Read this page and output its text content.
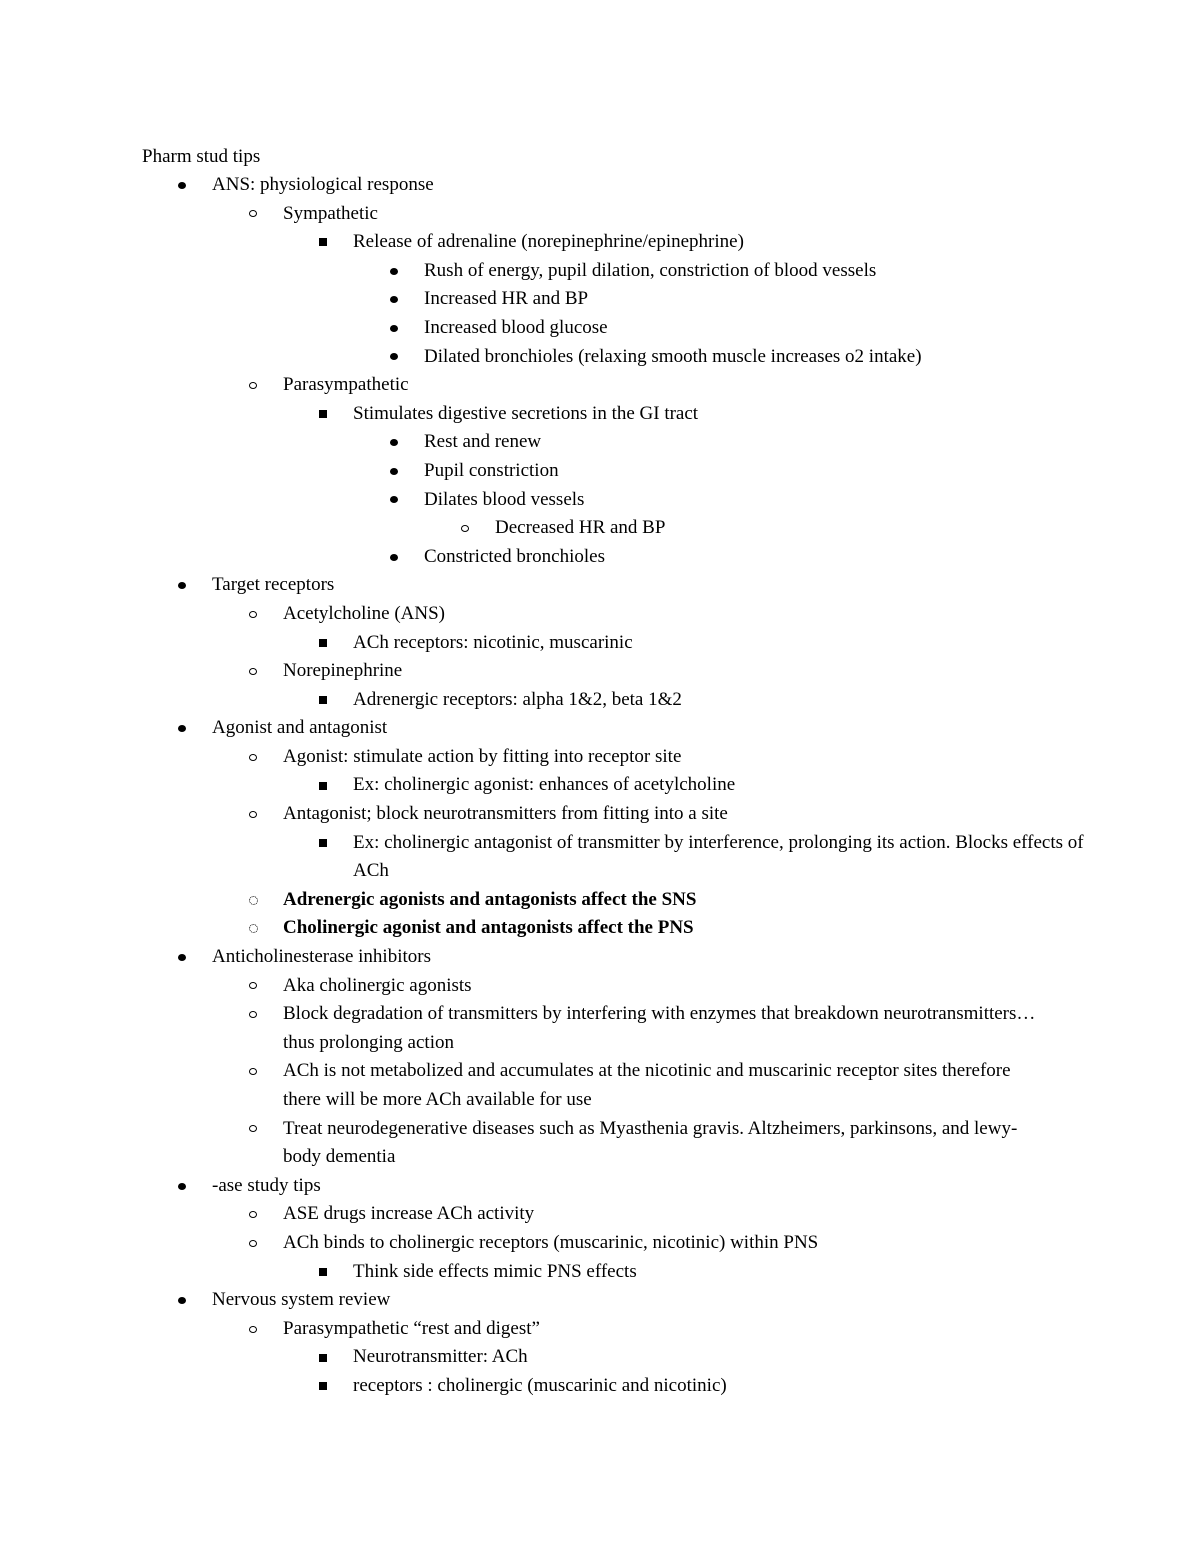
Pharm stud tips
ANS: physiological response
Sympathetic
Release of adrenaline (norepinephrine/epinephrine)
Rush of energy, pupil dilation, constriction of blood vessels
Increased HR and BP
Increased blood glucose
Dilated bronchioles (relaxing smooth muscle increases o2 intake)
Parasympathetic
Stimulates digestive secretions in the GI tract
Rest and renew
Pupil constriction
Dilates blood vessels
Decreased HR and BP
Constricted bronchioles
Target receptors
Acetylcholine (ANS)
ACh receptors: nicotinic, muscarinic
Norepinephrine
Adrenergic receptors: alpha 1&2, beta 1&2
Agonist and antagonist
Agonist: stimulate action by fitting into receptor site
Ex: cholinergic agonist: enhances of acetylcholine
Antagonist; block neurotransmitters from fitting into a site
Ex: cholinergic antagonist of transmitter by interference, prolonging its action. Blocks effects of ACh
Adrenergic agonists and antagonists affect the SNS
Cholinergic agonist and antagonists affect the PNS
Anticholinesterase inhibitors
Aka cholinergic agonists
Block degradation of transmitters by interfering with enzymes that breakdown neurotransmitters… thus prolonging action
ACh is not metabolized and accumulates at the nicotinic and muscarinic receptor sites therefore there will be more ACh available for use
Treat neurodegenerative diseases such as Myasthenia gravis. Altzheimers, parkinsons, and lewy-body dementia
-ase study tips
ASE drugs increase ACh activity
ACh binds to cholinergic receptors (muscarinic, nicotinic) within PNS
Think side effects mimic PNS effects
Nervous system review
Parasympathetic “rest and digest”
Neurotransmitter: ACh
receptors : cholinergic (muscarinic and nicotinic)
